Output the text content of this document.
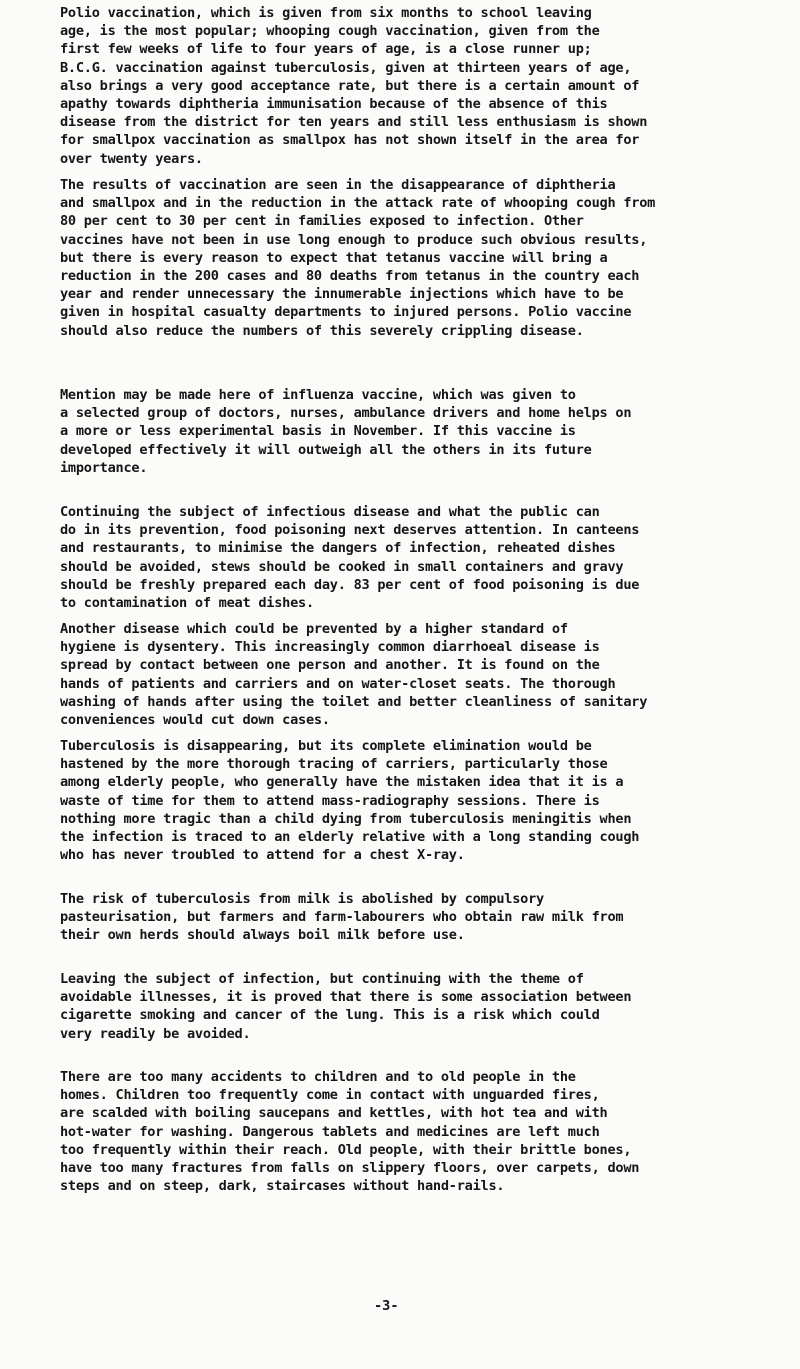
Polio vaccination, which is given from six months to school leaving
age, is the most popular; whooping cough vaccination, given from the
first few weeks of life to four years of age, is a close runner up;
B.C.G. vaccination against tuberculosis, given at thirteen years of age,
also brings a very good acceptance rate, but there is a certain amount of
apathy towards diphtheria immunisation because of the absence of this
disease from the district for ten years and still less enthusiasm is shown
for smallpox vaccination as smallpox has not shown itself in the area for
over twenty years.
The results of vaccination are seen in the disappearance of diphtheria
and smallpox and in the reduction in the attack rate of whooping cough from
80 per cent to 30 per cent in families exposed to infection. Other
vaccines have not been in use long enough to produce such obvious results,
but there is every reason to expect that tetanus vaccine will bring a
reduction in the 200 cases and 80 deaths from tetanus in the country each
year and render unnecessary the innumerable injections which have to be
given in hospital casualty departments to injured persons. Polio vaccine
should also reduce the numbers of this severely crippling disease.
Mention may be made here of influenza vaccine, which was given to
a selected group of doctors, nurses, ambulance drivers and home helps on
a more or less experimental basis in November. If this vaccine is
developed effectively it will outweigh all the others in its future
importance.
Continuing the subject of infectious disease and what the public can
do in its prevention, food poisoning next deserves attention. In canteens
and restaurants, to minimise the dangers of infection, reheated dishes
should be avoided, stews should be cooked in small containers and gravy
should be freshly prepared each day. 83 per cent of food poisoning is due
to contamination of meat dishes.
Another disease which could be prevented by a higher standard of
hygiene is dysentery. This increasingly common diarrhoeal disease is
spread by contact between one person and another. It is found on the
hands of patients and carriers and on water-closet seats. The thorough
washing of hands after using the toilet and better cleanliness of sanitary
conveniences would cut down cases.
Tuberculosis is disappearing, but its complete elimination would be
hastened by the more thorough tracing of carriers, particularly those
among elderly people, who generally have the mistaken idea that it is a
waste of time for them to attend mass-radiography sessions. There is
nothing more tragic than a child dying from tuberculosis meningitis when
the infection is traced to an elderly relative with a long standing cough
who has never troubled to attend for a chest X-ray.
The risk of tuberculosis from milk is abolished by compulsory
pasteurisation, but farmers and farm-labourers who obtain raw milk from
their own herds should always boil milk before use.
Leaving the subject of infection, but continuing with the theme of
avoidable illnesses, it is proved that there is some association between
cigarette smoking and cancer of the lung. This is a risk which could
very readily be avoided.
There are too many accidents to children and to old people in the
homes. Children too frequently come in contact with unguarded fires,
are scalded with boiling saucepans and kettles, with hot tea and with
hot-water for washing. Dangerous tablets and medicines are left much
too frequently within their reach. Old people, with their brittle bones,
have too many fractures from falls on slippery floors, over carpets, down
steps and on steep, dark, staircases without hand-rails.
-3-
